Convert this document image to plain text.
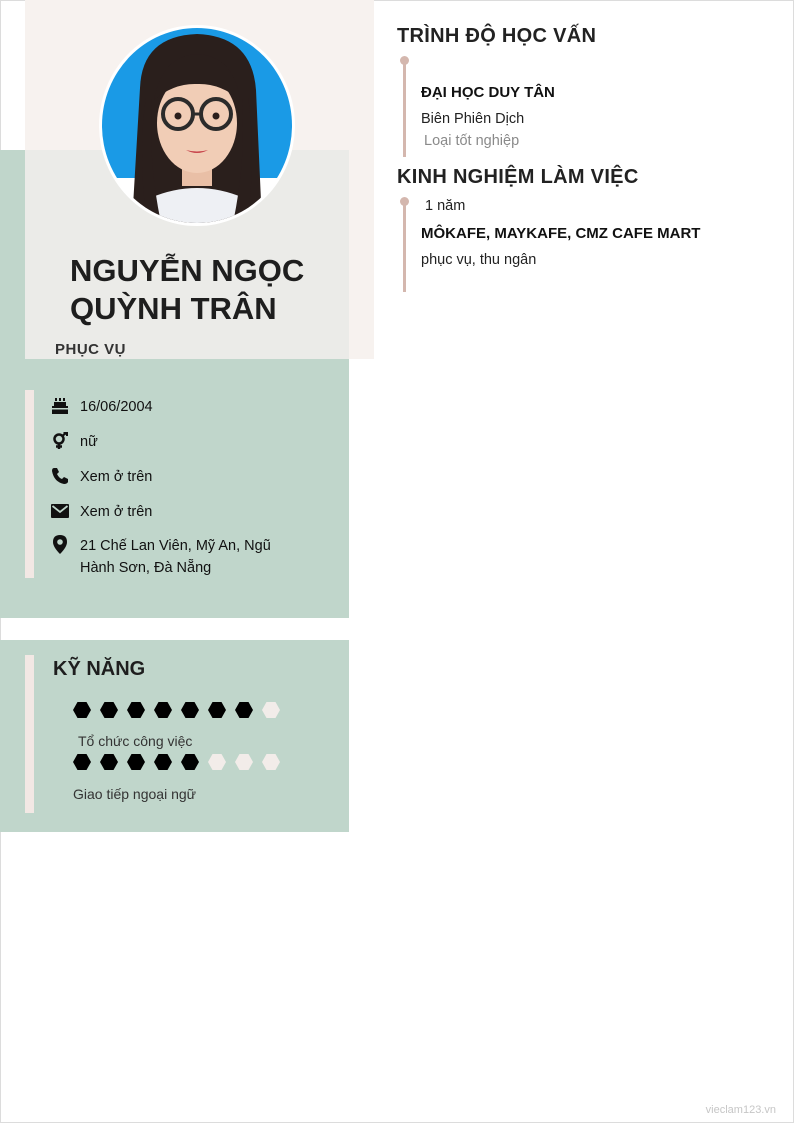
NGUYỄN NGỌC QUỲNH TRÂN
PHỤC VỤ
16/06/2004
nữ
Xem ở trên
Xem ở trên
21 Chế Lan Viên, Mỹ An, Ngũ Hành Sơn, Đà Nẵng
KỸ NĂNG
Tổ chức công việc
Giao tiếp ngoại ngữ
TRÌNH ĐỘ HỌC VẤN
ĐẠI HỌC DUY TÂN
Biên Phiên Dịch
Loại tốt nghiệp
KINH NGHIỆM LÀM VIỆC
1 năm
MÔKAFE, MAYKAFE, CMZ CAFE MART
phục vụ, thu ngân
vieclam123.vn
